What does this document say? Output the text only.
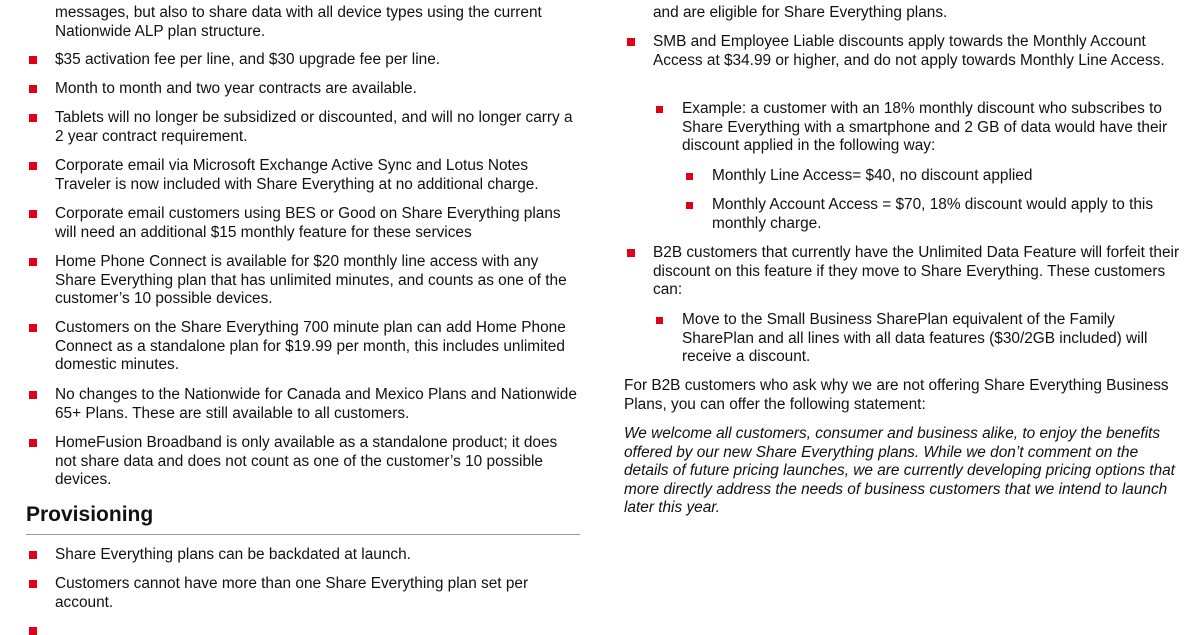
messages, but also to share data with all device types using the current Nationwide ALP plan structure.

$35 activation fee per line, and $30 upgrade fee per line.

Month to month and two year contracts are available.

Tablets will no longer be subsidized or discounted, and will no longer carry a 2 year contract requirement.

Corporate email via Microsoft Exchange Active Sync and Lotus Notes Traveler is now included with Share Everything at no additional charge.

Corporate email customers using BES or Good on Share Everything plans will need an additional $15 monthly feature for these services

Home Phone Connect is available for $20 monthly line access with any Share Everything plan that has unlimited minutes, and counts as one of the customer’s 10 possible devices.

Customers on the Share Everything 700 minute plan can add Home Phone Connect as a standalone plan for $19.99 per month, this includes unlimited domestic minutes.

No changes to the Nationwide for Canada and Mexico Plans and Nationwide 65+ Plans. These are still available to all customers.

HomeFusion Broadband is only available as a standalone product; it does not share data and does not count as one of the customer’s 10 possible devices.

Provisioning

Share Everything plans can be backdated at launch.

Customers cannot have more than one Share Everything plan set per account.

and are eligible for Share Everything plans.

SMB and Employee Liable discounts apply towards the Monthly Account Access at $34.99 or higher, and do not apply towards Monthly Line Access.

Example: a customer with an 18% monthly discount who subscribes to Share Everything with a smartphone and 2 GB of data would have their discount applied in the following way:

Monthly Line Access= $40, no discount applied

Monthly Account Access = $70, 18% discount would apply to this monthly charge.

B2B customers that currently have the Unlimited Data Feature will forfeit their discount on this feature if they move to Share Everything. These customers can:

Move to the Small Business SharePlan equivalent of the Family SharePlan and all lines with all data features ($30/2GB included) will receive a discount.

For B2B customers who ask why we are not offering Share Everything Business Plans, you can offer the following statement:

We welcome all customers, consumer and business alike, to enjoy the benefits offered by our new Share Everything plans. While we don’t comment on the details of future pricing launches, we are currently developing pricing options that more directly address the needs of business customers that we intend to launch later this year.
